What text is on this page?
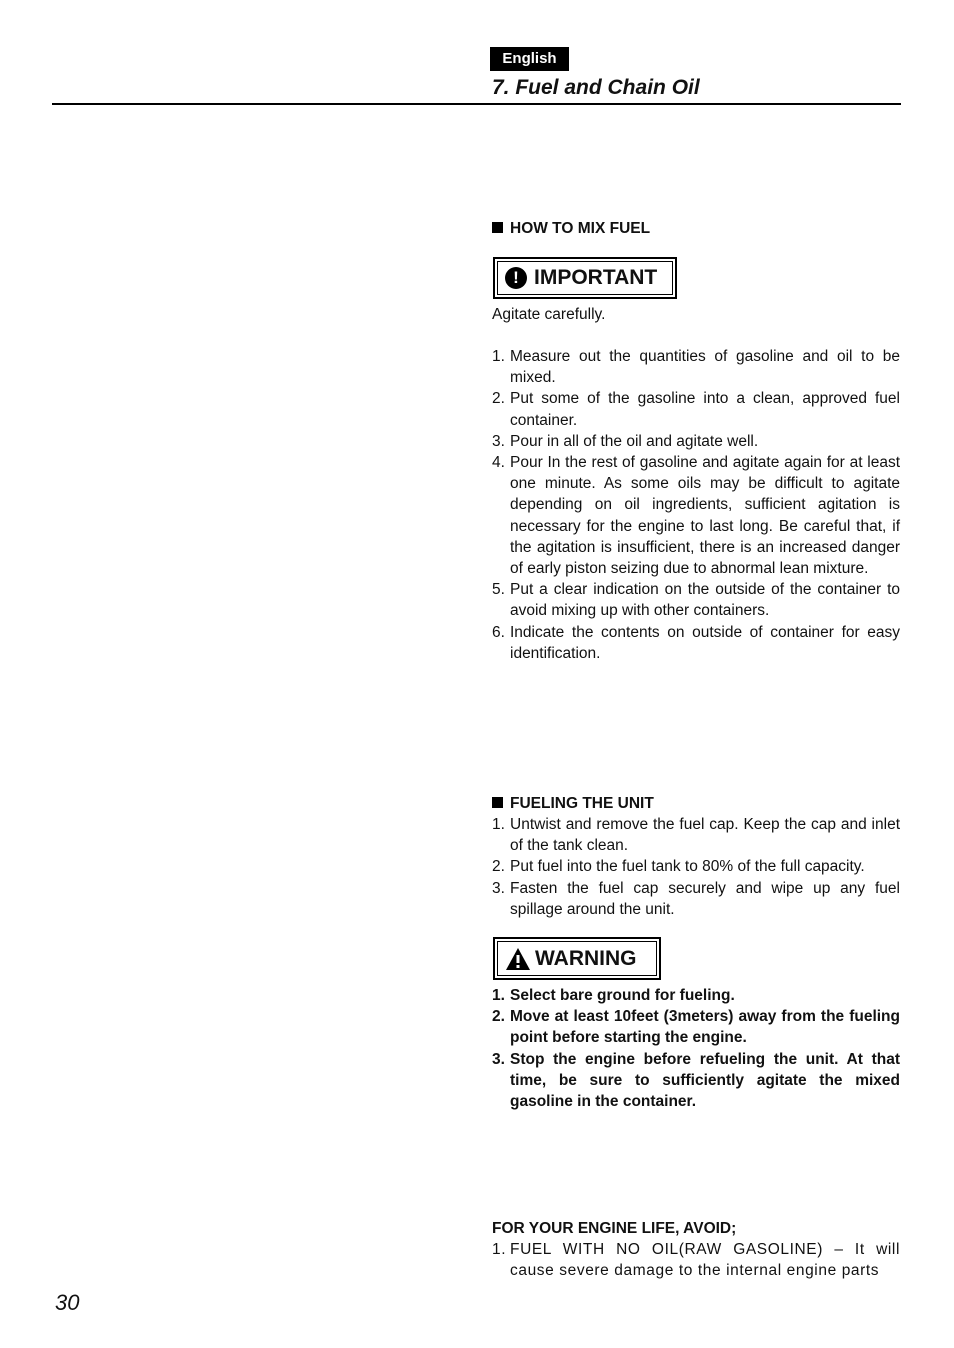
English
7. Fuel and Chain Oil
HOW TO MIX FUEL
! IMPORTANT
Agitate carefully.
1. Measure out the quantities of gasoline and oil to be mixed.
2. Put some of the gasoline into a clean, approved fuel container.
3. Pour in all of the oil and agitate well.
4. Pour In the rest of gasoline and agitate again for at least one minute. As some oils may be difficult to agitate depending on oil ingredients, sufficient agitation is necessary for the engine to last long. Be careful that, if the agitation is insufficient, there is an increased danger of early piston seizing due to abnormal lean mixture.
5. Put a clear indication on the outside of the container to avoid mixing up with other containers.
6. Indicate the contents on outside of container for easy identification.
FUELING THE UNIT
1. Untwist and remove the fuel cap. Keep the cap and inlet of the tank clean.
2. Put fuel into the fuel tank to 80% of the full capacity.
3. Fasten the fuel cap securely and wipe up any fuel spillage around the unit.
WARNING
1. Select bare ground for fueling.
2. Move at least 10feet (3meters) away from the fueling point before starting the engine.
3. Stop the engine before refueling the unit. At that time, be sure to sufficiently agitate the mixed gasoline in the container.
FOR YOUR ENGINE LIFE, AVOID;
1. FUEL WITH NO OIL(RAW GASOLINE) – It will cause severe damage to the internal engine parts
30
